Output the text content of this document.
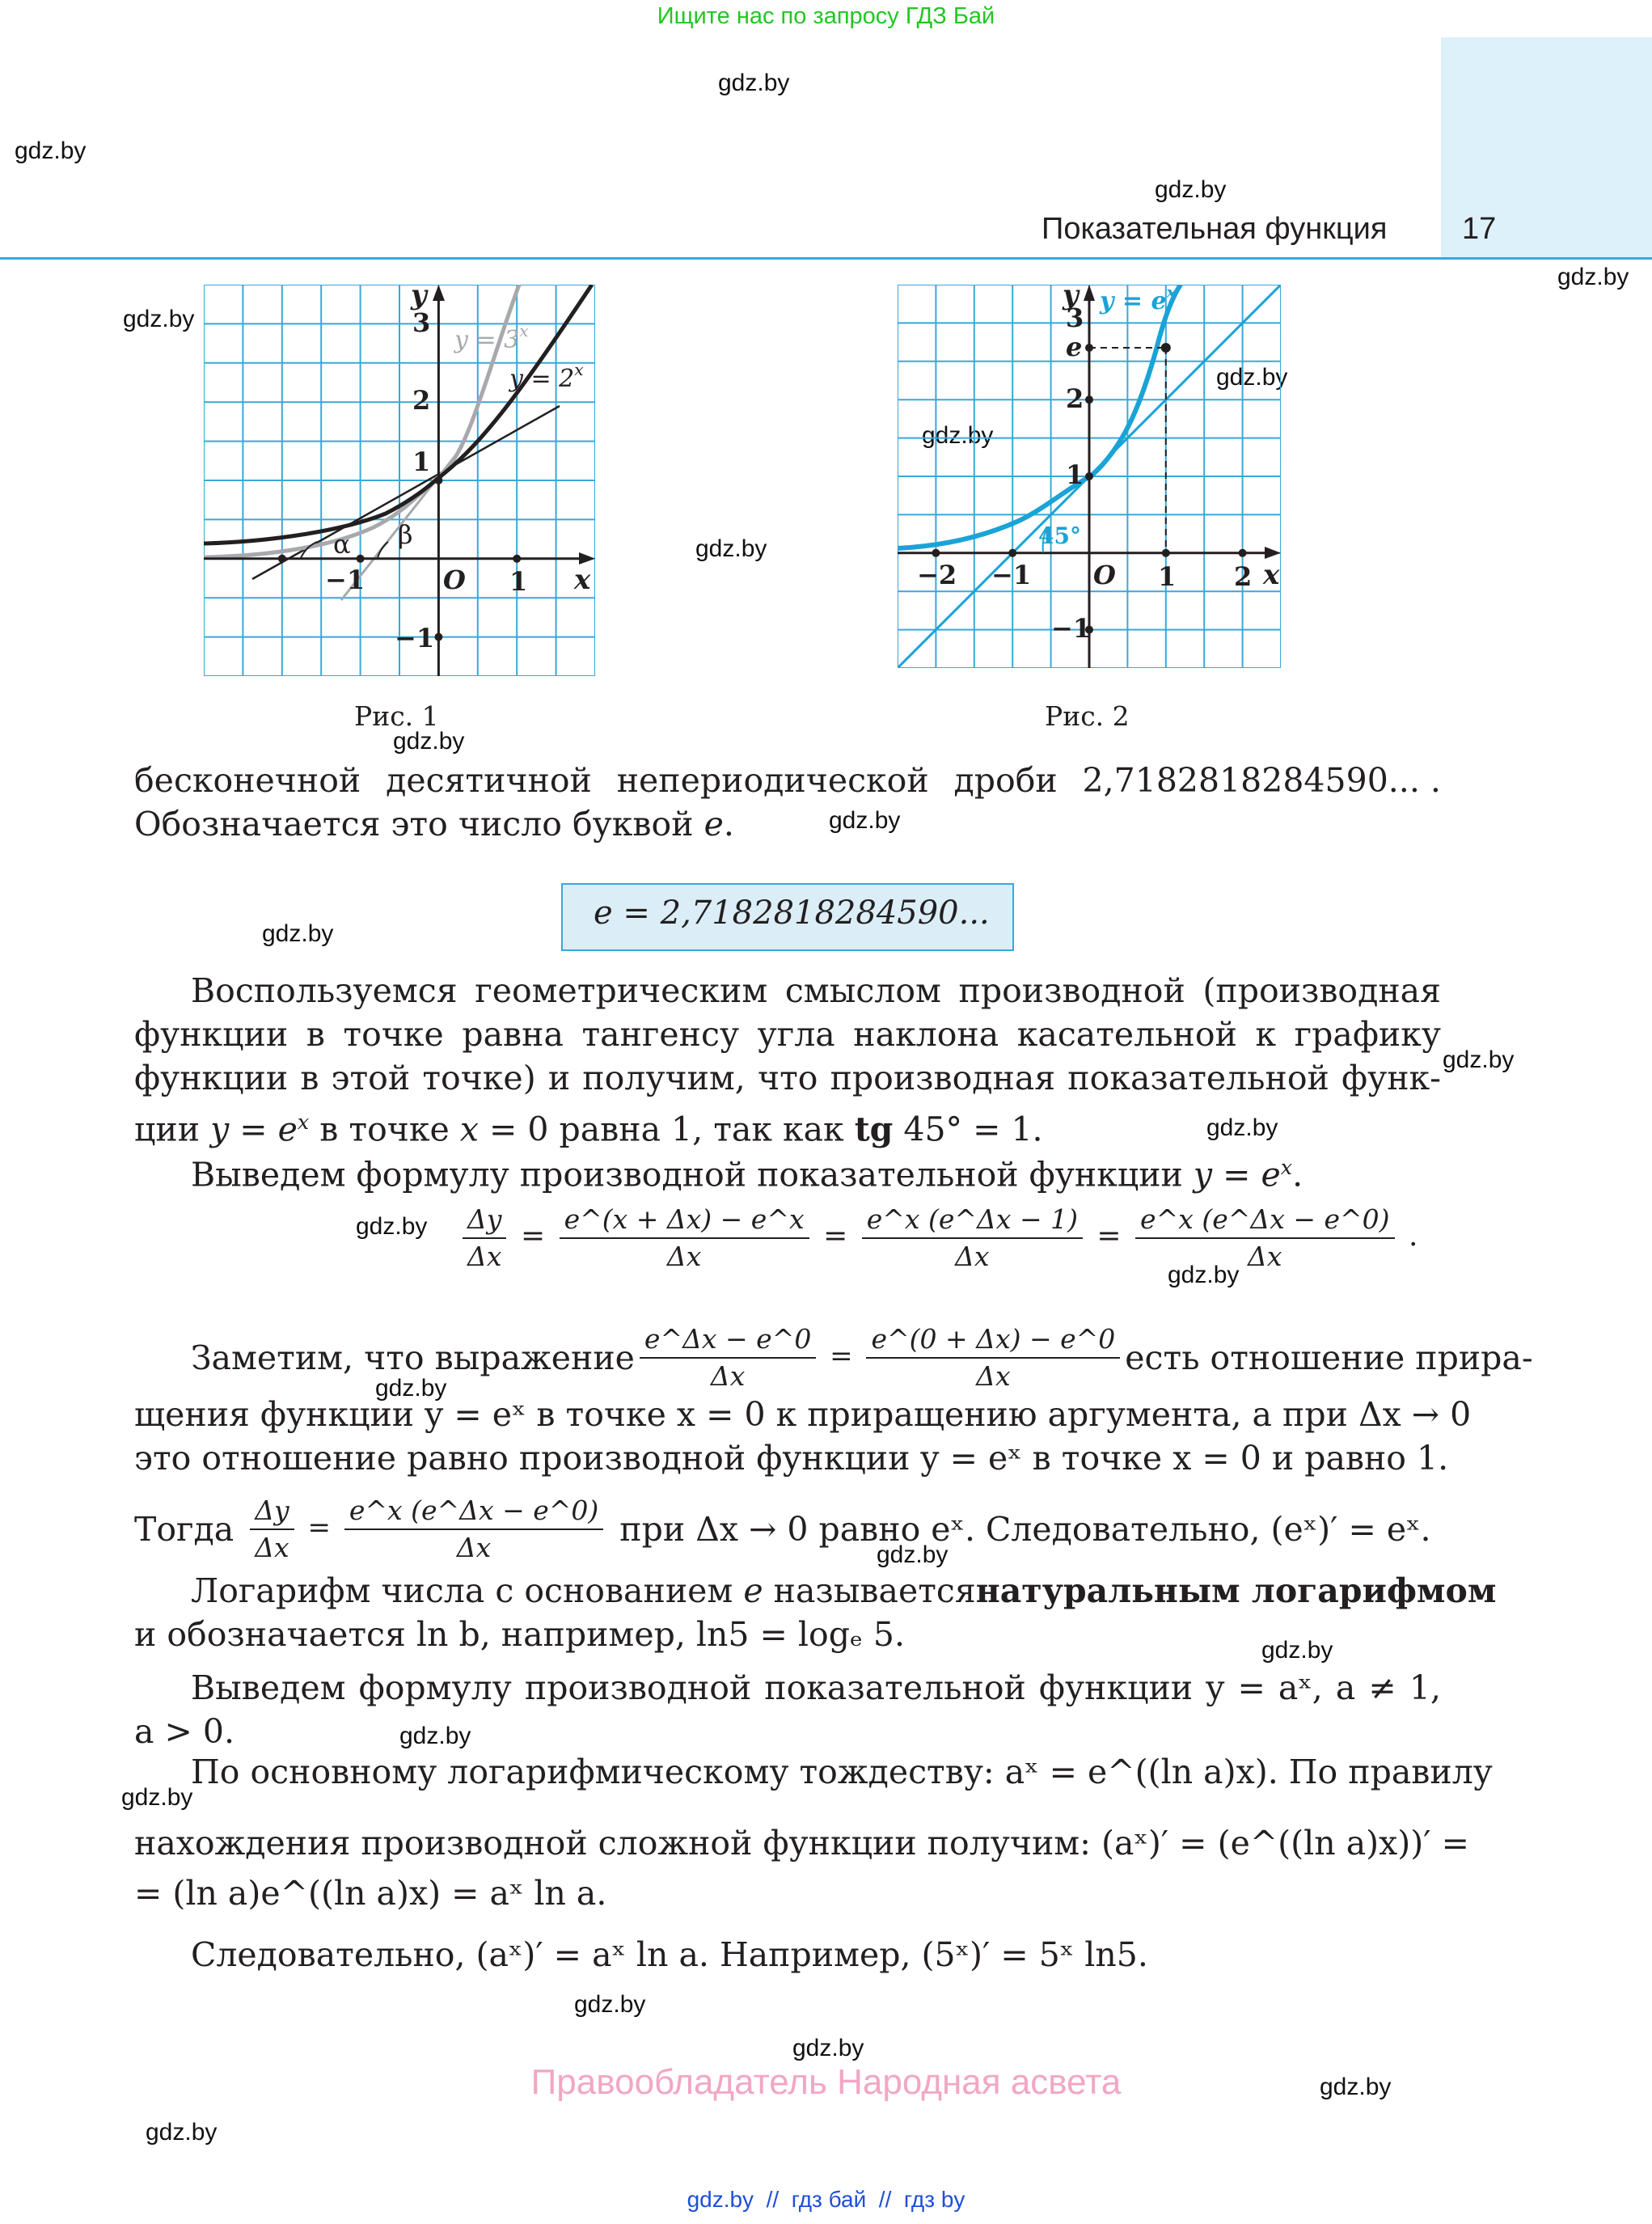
Ищите нас по запросу ГДЗ Бай
Показательная функция 17
gdz.by
gdz.by
gdz.by
gdz.by
gdz.by
gdz.by
gdz.by
gdz.by
gdz.by
gdz.by
gdz.by
gdz.by
gdz.by
gdz.by
gdz.by
gdz.by
gdz.by
gdz.by
gdz.by
gdz.by
gdz.by
gdz.by
gdz.by
gdz.by
y
x
O
3
2
1
−1
−1	1
$y = 3^x$
$y = 2^x$
α β
Рис. 1
y
x
O
3
e
2
1
−1
−2 −1	1 2
$y = e^x$
45°
Рис. 2
бесконечной десятичной непериодической дроби 2,7182818284590... .
Обозначается это число буквой e.
e = 2,7182818284590...
Воспользуемся геометрическим смыслом производной (производная
функции в точке равна тангенсу угла наклона касательной к графику
функции в этой точке) и получим, что производная показательной функ-
ции $y = e^x$ в точке x = 0 равна 1, так как tg 45° = 1.
Выведем формулу производной показательной функции $y = e^x$.
$\frac{\Delta y}{\Delta x} = \frac{e\^{}(x + \Delta x) - e\^{}x}{\Delta x} = \frac{e\^{}x (e\^{}\Delta x - 1)}{\Delta x} = \frac{e\^{}x (e\^{}\Delta x - e\^{}0)}{\Delta x}$ .
Заметим, что выражение $\frac{e\^{}\Delta x - e\^{}0}{\Delta x} = \frac{e\^{}(0 + \Delta x) - e\^{}0}{\Delta x}$ есть отношение прира-
щения функции y = eˣ в точке x = 0 к приращению аргумента, а при Δx → 0
это отношение равно производной функции y = eˣ в точке x = 0 и равно 1.
Тогда $\frac{\Delta y}{\Delta x} = \frac{e\^{}x (e\^{}\Delta x - e\^{}0)}{\Delta x}$ при Δx → 0 равно eˣ. Следовательно, (eˣ)′ = eˣ.
Логарифм числа с основанием e называется натуральным логарифмом
и обозначается ln b, например, ln5 = logₑ 5.
Выведем формулу производной показательной функции y = aˣ, a ≠ 1,
a > 0.
По основному логарифмическому тождеству: aˣ = e^((ln a)x). По правилу
нахождения производной сложной функции получим: (aˣ)′ = (e^((ln a)x))′ =
= (ln a)e^((ln a)x) = aˣ ln a.
Следовательно, (aˣ)′ = aˣ ln a. Например, (5ˣ)′ = 5ˣ ln5.
Правообладатель Народная асвета
gdz.by  //  гдз бай  //  гдз by
